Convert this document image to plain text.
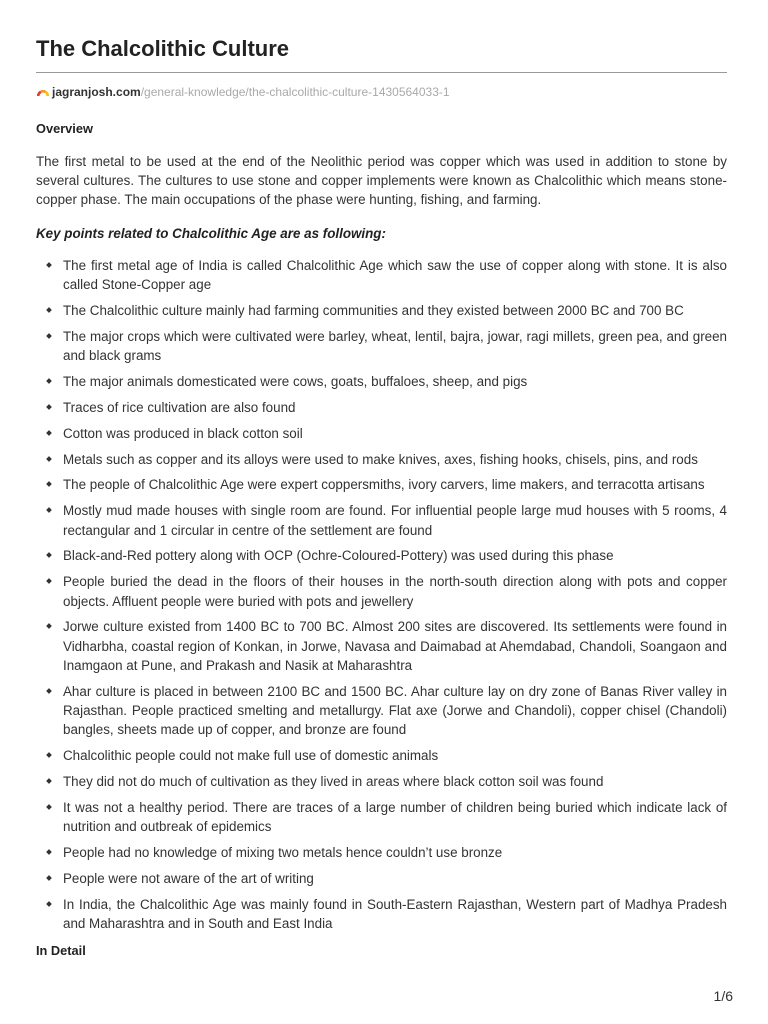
The Chalcolithic Culture
jagranjosh.com/general-knowledge/the-chalcolithic-culture-1430564033-1
Overview

The first metal to be used at the end of the Neolithic period was copper which was used in addition to stone by several cultures. The cultures to use stone and copper implements were known as Chalcolithic which means stone-copper phase. The main occupations of the phase were hunting, fishing, and farming.

Key points related to Chalcolithic Age are as following:

The first metal age of India is called Chalcolithic Age which saw the use of copper along with stone. It is also called Stone-Copper age
The Chalcolithic culture mainly had farming communities and they existed between 2000 BC and 700 BC
The major crops which were cultivated were barley, wheat, lentil, bajra, jowar, ragi millets, green pea, and green and black grams
The major animals domesticated were cows, goats, buffaloes, sheep, and pigs
Traces of rice cultivation are also found
Cotton was produced in black cotton soil
Metals such as copper and its alloys were used to make knives, axes, fishing hooks, chisels, pins, and rods
The people of Chalcolithic Age were expert coppersmiths, ivory carvers, lime makers, and terracotta artisans
Mostly mud made houses with single room are found. For influential people large mud houses with 5 rooms, 4 rectangular and 1 circular in centre of the settlement are found
Black-and-Red pottery along with OCP (Ochre-Coloured-Pottery) was used during this phase
People buried the dead in the floors of their houses in the north-south direction along with pots and copper objects. Affluent people were buried with pots and jewellery
Jorwe culture existed from 1400 BC to 700 BC. Almost 200 sites are discovered. Its settlements were found in Vidharbha, coastal region of Konkan, in Jorwe, Navasa and Daimabad at Ahemdabad, Chandoli, Soangaon and Inamgaon at Pune, and Prakash and Nasik at Maharashtra
Ahar culture is placed in between 2100 BC and 1500 BC. Ahar culture lay on dry zone of Banas River valley in Rajasthan. People practiced smelting and metallurgy. Flat axe (Jorwe and Chandoli), copper chisel (Chandoli) bangles, sheets made up of copper, and bronze are found
Chalcolithic people could not make full use of domestic animals
They did not do much of cultivation as they lived in areas where black cotton soil was found
It was not a healthy period. There are traces of a large number of children being buried which indicate lack of nutrition and outbreak of epidemics
People had no knowledge of mixing two metals hence couldn’t use bronze
People were not aware of the art of writing
In India, the Chalcolithic Age was mainly found in South-Eastern Rajasthan, Western part of Madhya Pradesh and Maharashtra and in South and East India
In Detail
1/6
